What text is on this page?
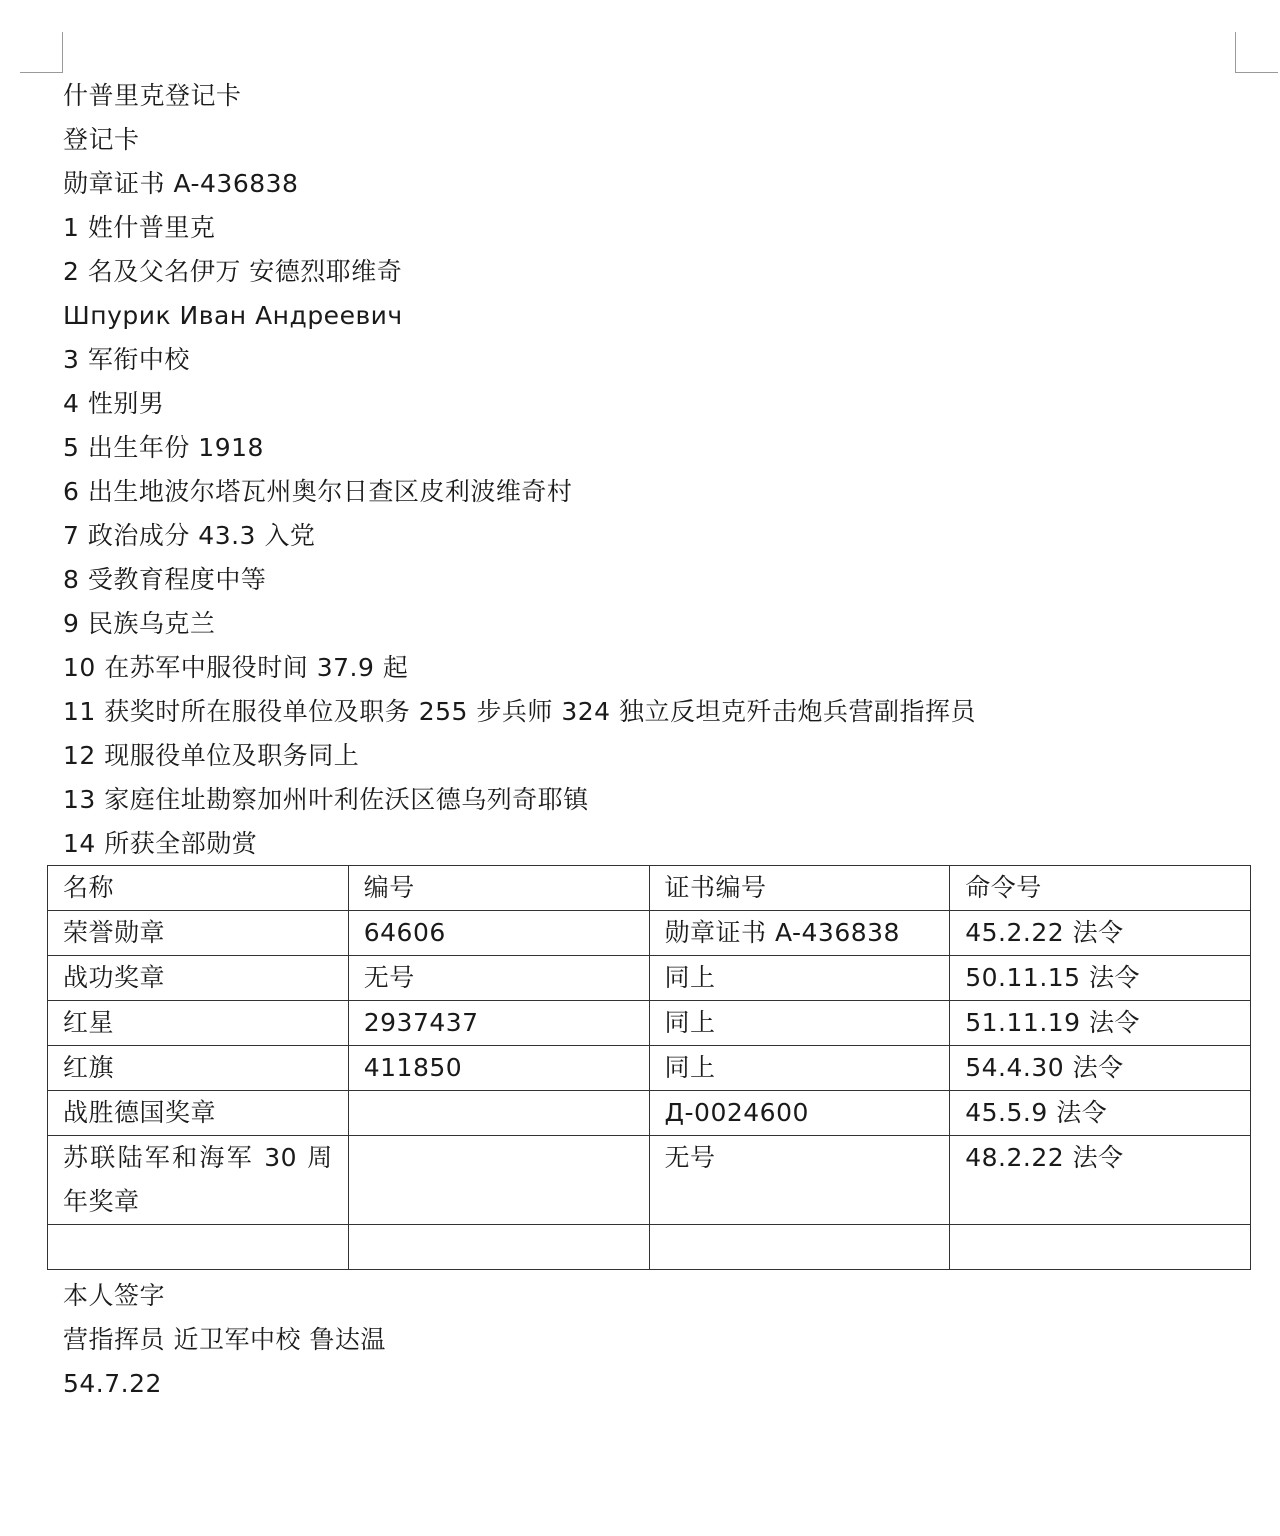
什普里克登记卡
登记卡
勋章证书 A-436838
1 姓什普里克
2 名及父名伊万 安德烈耶维奇
Шпурик Иван Андреевич
3 军衔中校
4 性别男
5 出生年份 1918
6 出生地波尔塔瓦州奥尔日查区皮利波维奇村
7 政治成分 43.3 入党
8 受教育程度中等
9 民族乌克兰
10 在苏军中服役时间 37.9 起
11 获奖时所在服役单位及职务 255 步兵师 324 独立反坦克歼击炮兵营副指挥员
12 现服役单位及职务同上
13 家庭住址勘察加州叶利佐沃区德乌列奇耶镇
14 所获全部勋赏
名称	编号	证书编号	命令号
荣誉勋章	64606	勋章证书 A-436838	45.2.22 法令
战功奖章	无号	同上	50.11.15 法令
红星	2937437	同上	51.11.19 法令
红旗	411850	同上	54.4.30 法令
战胜德国奖章		Д-0024600	45.5.9 法令
苏联陆军和海军 30 周年奖章		无号	48.2.22 法令

本人签字
营指挥员 近卫军中校 鲁达温
54.7.22
